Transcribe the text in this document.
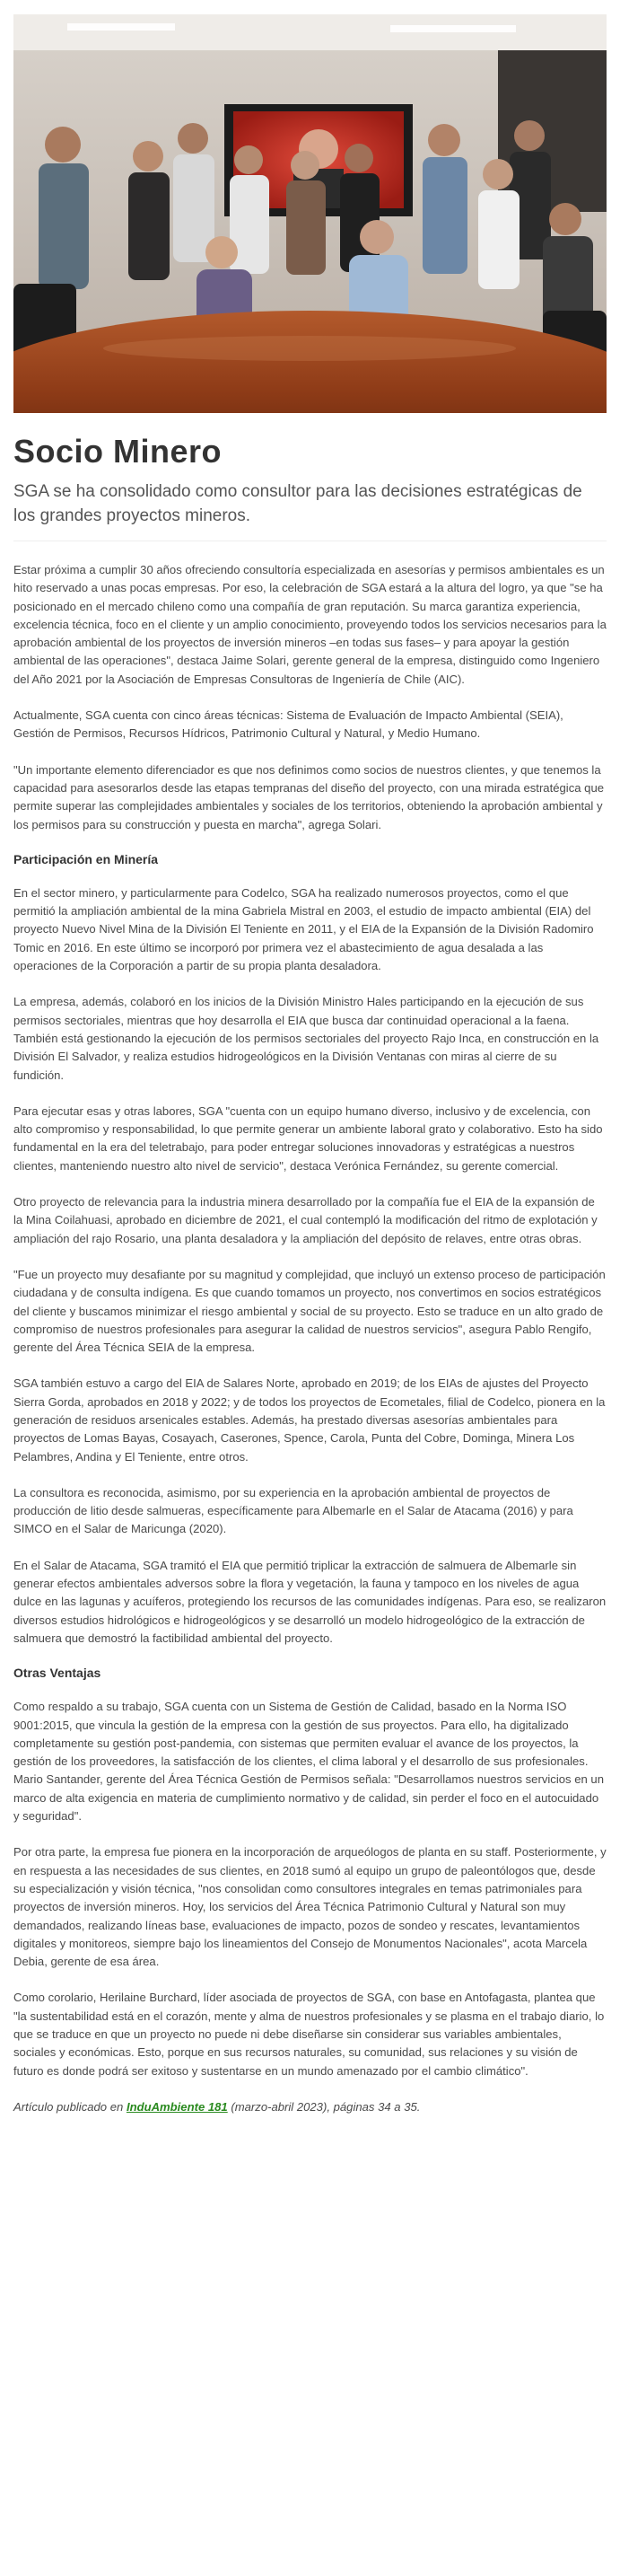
Socio Minero

SGA se ha consolidado como consultor para las decisiones estratégicas de los grandes proyectos mineros.

Estar próxima a cumplir 30 años ofreciendo consultoría especializada en asesorías y permisos ambientales es un hito reservado a unas pocas empresas. Por eso, la celebración de SGA estará a la altura del logro, ya que "se ha posicionado en el mercado chileno como una compañía de gran reputación. Su marca garantiza experiencia, excelencia técnica, foco en el cliente y un amplio conocimiento, proveyendo todos los servicios necesarios para la aprobación ambiental de los proyectos de inversión mineros –en todas sus fases– y para apoyar la gestión ambiental de las operaciones", destaca Jaime Solari, gerente general de la empresa, distinguido como Ingeniero del Año 2021 por la Asociación de Empresas Consultoras de Ingeniería de Chile (AIC).

Actualmente, SGA cuenta con cinco áreas técnicas: Sistema de Evaluación de Impacto Ambiental (SEIA), Gestión de Permisos, Recursos Hídricos, Patrimonio Cultural y Natural, y Medio Humano.

"Un importante elemento diferenciador es que nos definimos como socios de nuestros clientes, y que tenemos la capacidad para asesorarlos desde las etapas tempranas del diseño del proyecto, con una mirada estratégica que permite superar las complejidades ambientales y sociales de los territorios, obteniendo la aprobación ambiental y los permisos para su construcción y puesta en marcha", agrega Solari.

Participación en Minería

En el sector minero, y particularmente para Codelco, SGA ha realizado numerosos proyectos, como el que permitió la ampliación ambiental de la mina Gabriela Mistral en 2003, el estudio de impacto ambiental (EIA) del proyecto Nuevo Nivel Mina de la División El Teniente en 2011, y el EIA de la Expansión de la División Radomiro Tomic en 2016. En este último se incorporó por primera vez el abastecimiento de agua desalada a las operaciones de la Corporación a partir de su propia planta desaladora.

La empresa, además, colaboró en los inicios de la División Ministro Hales participando en la ejecución de sus permisos sectoriales, mientras que hoy desarrolla el EIA que busca dar continuidad operacional a la faena. También está gestionando la ejecución de los permisos sectoriales del proyecto Rajo Inca, en construcción en la División El Salvador, y realiza estudios hidrogeológicos en la División Ventanas con miras al cierre de su fundición.

Para ejecutar esas y otras labores, SGA "cuenta con un equipo humano diverso, inclusivo y de excelencia, con alto compromiso y responsabilidad, lo que permite generar un ambiente laboral grato y colaborativo. Esto ha sido fundamental en la era del teletrabajo, para poder entregar soluciones innovadoras y estratégicas a nuestros clientes, manteniendo nuestro alto nivel de servicio", destaca Verónica Fernández, su gerente comercial.

Otro proyecto de relevancia para la industria minera desarrollado por la compañía fue el EIA de la expansión de la Mina Coilahuasi, aprobado en diciembre de 2021, el cual contempló la modificación del ritmo de explotación y ampliación del rajo Rosario, una planta desaladora y la ampliación del depósito de relaves, entre otras obras.

"Fue un proyecto muy desafiante por su magnitud y complejidad, que incluyó un extenso proceso de participación ciudadana y de consulta indígena. Es que cuando tomamos un proyecto, nos convertimos en socios estratégicos del cliente y buscamos minimizar el riesgo ambiental y social de su proyecto. Esto se traduce en un alto grado de compromiso de nuestros profesionales para asegurar la calidad de nuestros servicios", asegura Pablo Rengifo, gerente del Área Técnica SEIA de la empresa.

SGA también estuvo a cargo del EIA de Salares Norte, aprobado en 2019; de los EIAs de ajustes del Proyecto Sierra Gorda, aprobados en 2018 y 2022; y de todos los proyectos de Ecometales, filial de Codelco, pionera en la generación de residuos arsenicales estables. Además, ha prestado diversas asesorías ambientales para proyectos de Lomas Bayas, Cosayach, Caserones, Spence, Carola, Punta del Cobre, Dominga, Minera Los Pelambres, Andina y El Teniente, entre otros.

La consultora es reconocida, asimismo, por su experiencia en la aprobación ambiental de proyectos de producción de litio desde salmueras, específicamente para Albemarle en el Salar de Atacama (2016) y para SIMCO en el Salar de Maricunga (2020).

En el Salar de Atacama, SGA tramitó el EIA que permitió triplicar la extracción de salmuera de Albemarle sin generar efectos ambientales adversos sobre la flora y vegetación, la fauna y tampoco en los niveles de agua dulce en las lagunas y acuíferos, protegiendo los recursos de las comunidades indígenas. Para eso, se realizaron diversos estudios hidrológicos e hidrogeológicos y se desarrolló un modelo hidrogeológico de la extracción de salmuera que demostró la factibilidad ambiental del proyecto.

Otras Ventajas

Como respaldo a su trabajo, SGA cuenta con un Sistema de Gestión de Calidad, basado en la Norma ISO 9001:2015, que vincula la gestión de la empresa con la gestión de sus proyectos. Para ello, ha digitalizado completamente su gestión post-pandemia, con sistemas que permiten evaluar el avance de los proyectos, la gestión de los proveedores, la satisfacción de los clientes, el clima laboral y el desarrollo de sus profesionales. Mario Santander, gerente del Área Técnica Gestión de Permisos señala: "Desarrollamos nuestros servicios en un marco de alta exigencia en materia de cumplimiento normativo y de calidad, sin perder el foco en el autocuidado y seguridad".

Por otra parte, la empresa fue pionera en la incorporación de arqueólogos de planta en su staff. Posteriormente, y en respuesta a las necesidades de sus clientes, en 2018 sumó al equipo un grupo de paleontólogos que, desde su especialización y visión técnica, "nos consolidan como consultores integrales en temas patrimoniales para proyectos de inversión mineros. Hoy, los servicios del Área Técnica Patrimonio Cultural y Natural son muy demandados, realizando líneas base, evaluaciones de impacto, pozos de sondeo y rescates, levantamientos digitales y monitoreos, siempre bajo los lineamientos del Consejo de Monumentos Nacionales", acota Marcela Debia, gerente de esa área.

Como corolario, Herilaine Burchard, líder asociada de proyectos de SGA, con base en Antofagasta, plantea que "la sustentabilidad está en el corazón, mente y alma de nuestros profesionales y se plasma en el trabajo diario, lo que se traduce en que un proyecto no puede ni debe diseñarse sin considerar sus variables ambientales, sociales y económicas. Esto, porque en sus recursos naturales, su comunidad, sus relaciones y su visión de futuro es donde podrá ser exitoso y sustentarse en un mundo amenazado por el cambio climático".

Artículo publicado en InduAmbiente 181 (marzo-abril 2023), páginas 34 a 35.
